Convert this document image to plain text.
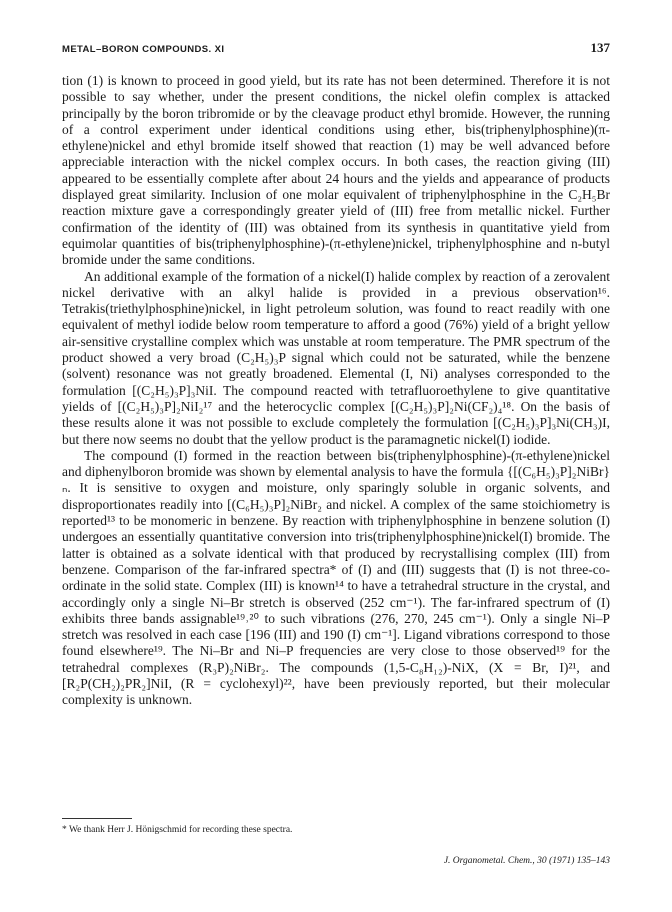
METAL–BORON COMPOUNDS. XI	137

tion (1) is known to proceed in good yield, but its rate has not been determined. Therefore it is not possible to say whether, under the present conditions, the nickel olefin complex is attacked principally by the boron tribromide or by the cleavage product ethyl bromide. However, the running of a control experiment under identical conditions using ether, bis(triphenylphosphine)(π-ethylene)nickel and ethyl bromide itself showed that reaction (1) may be well advanced before appreciable interaction with the nickel complex occurs. In both cases, the reaction giving (III) appeared to be essentially complete after about 24 hours and the yields and appearance of products displayed great similarity. Inclusion of one molar equivalent of triphenylphosphine in the C₂H₅Br reaction mixture gave a correspondingly greater yield of (III) free from metallic nickel. Further confirmation of the identity of (III) was obtained from its synthesis in quantitative yield from equimolar quantities of bis(triphenylphosphine)-(π-ethylene)nickel, triphenylphosphine and n-butyl bromide under the same conditions.

An additional example of the formation of a nickel(I) halide complex by reaction of a zerovalent nickel derivative with an alkyl halide is provided in a previous observation¹⁶. Tetrakis(triethylphosphine)nickel, in light petroleum solution, was found to react readily with one equivalent of methyl iodide below room temperature to afford a good (76%) yield of a bright yellow air-sensitive crystalline complex which was unstable at room temperature. The PMR spectrum of the product showed a very broad (C₂H₅)₃P signal which could not be saturated, while the benzene (solvent) resonance was not greatly broadened. Elemental (I, Ni) analyses corresponded to the formulation [(C₂H₅)₃P]₃NiI. The compound reacted with tetrafluoroethylene to give quantitative yields of [(C₂H₅)₃P]₂NiI₂¹⁷ and the heterocyclic complex [(C₂H₅)₃P]₂Ni(CF₂)₄¹⁸. On the basis of these results alone it was not possible to exclude completely the formulation [(C₂H₅)₃P]₃Ni(CH₃)I, but there now seems no doubt that the yellow product is the paramagnetic nickel(I) iodide.

The compound (I) formed in the reaction between bis(triphenylphosphine)-(π-ethylene)nickel and diphenylboron bromide was shown by elemental analysis to have the formula {[(C₆H₅)₃P]₂NiBr}ₙ. It is sensitive to oxygen and moisture, only sparingly soluble in organic solvents, and disproportionates readily into [(C₆H₅)₃P]₂NiBr₂ and nickel. A complex of the same stoichiometry is reported¹³ to be monomeric in benzene. By reaction with triphenylphosphine in benzene solution (I) undergoes an essentially quantitative conversion into tris(triphenylphosphine)nickel(I) bromide. The latter is obtained as a solvate identical with that produced by recrystallising complex (III) from benzene. Comparison of the far-infrared spectra* of (I) and (III) suggests that (I) is not three-co-ordinate in the solid state. Complex (III) is known¹⁴ to have a tetrahedral structure in the crystal, and accordingly only a single Ni–Br stretch is observed (252 cm⁻¹). The far-infrared spectrum of (I) exhibits three bands assignable¹⁹˒²⁰ to such vibrations (276, 270, 245 cm⁻¹). Only a single Ni–P stretch was resolved in each case [196 (III) and 190 (I) cm⁻¹]. Ligand vibrations correspond to those found elsewhere¹⁹. The Ni–Br and Ni–P frequencies are very close to those observed¹⁹ for the tetrahedral complexes (R₃P)₂NiBr₂. The compounds (1,5-C₈H₁₂)-NiX, (X = Br, I)²¹, and [R₂P(CH₂)₂PR₂]NiI, (R = cyclohexyl)²², have been previously reported, but their molecular complexity is unknown.

* We thank Herr J. Hönigschmid for recording these spectra.
J. Organometal. Chem., 30 (1971) 135–143
